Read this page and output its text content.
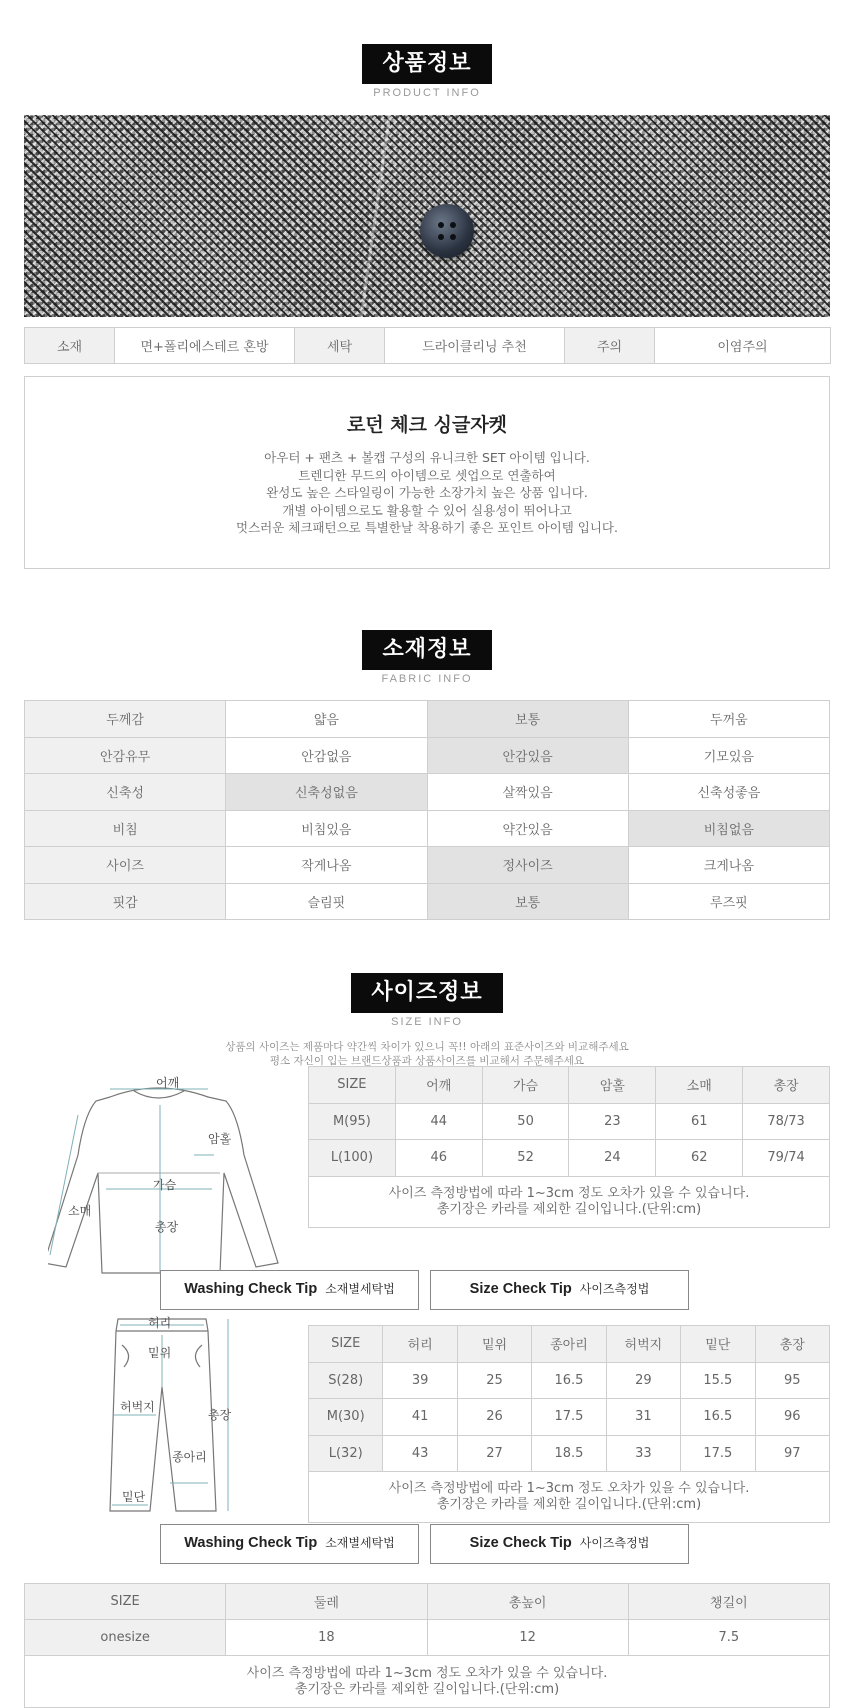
상품정보
PRODUCT INFO
소재	면+폴리에스테르 혼방	세탁	드라이클리닝 추천	주의	이염주의
로던 체크 싱글자켓

아우터 + 팬츠 + 볼캡 구성의 유니크한 SET 아이템 입니다.

트렌디한 무드의 아이템으로 셋업으로 연출하여

완성도 높은 스타일링이 가능한 소장가치 높은 상품 입니다.

개별 아이템으로도 활용할 수 있어 실용성이 뛰어나고

멋스러운 체크패턴으로 특별한날 착용하기 좋은 포인트 아이템 입니다.

소재정보
FABRIC INFO
두께감	얇음	보통	두꺼움
안감유무	안감없음	안감있음	기모있음
신축성	신축성없음	살짝있음	신축성좋음
비침	비침있음	약간있음	비침없음
사이즈	작게나옴	정사이즈	크게나옴
핏감	슬림핏	보통	루즈핏
사이즈정보
SIZE INFO
상품의 사이즈는 제품마다 약간씩 차이가 있으니 꼭!! 아래의 표준사이즈와 비교해주세요
평소 자신이 입는 브랜드상품과 상품사이즈를 비교해서 주문해주세요
어깨
암홀
가슴
소매
총장
SIZE	어깨	가슴	암홀	소매	총장
M(95)	44	50	23	61	78/73
L(100)	46	52	24	62	79/74

사이즈 측정방법에 따라 1~3cm 정도 오차가 있을 수 있습니다.
총기장은 카라를 제외한 길이입니다.(단위:cm)					
Washing Check Tip 소재별세탁법	Size Check Tip 사이즈측정법
허리
밑위
허벅지
총장
종아리
밑단
SIZE	허리	밑위	종아리	허벅지	밑단	총장
S(28)	39	25	16.5	29	15.5	95
M(30)	41	26	17.5	31	16.5	96
L(32)	43	27	18.5	33	17.5	97

사이즈 측정방법에 따라 1~3cm 정도 오차가 있을 수 있습니다.
총기장은 카라를 제외한 길이입니다.(단위:cm)						
Washing Check Tip 소재별세탁법	Size Check Tip 사이즈측정법
SIZE	둘레	총높이	챙길이
onesize	18	12	7.5

사이즈 측정방법에 따라 1~3cm 정도 오차가 있을 수 있습니다.
총기장은 카라를 제외한 길이입니다.(단위:cm)			
